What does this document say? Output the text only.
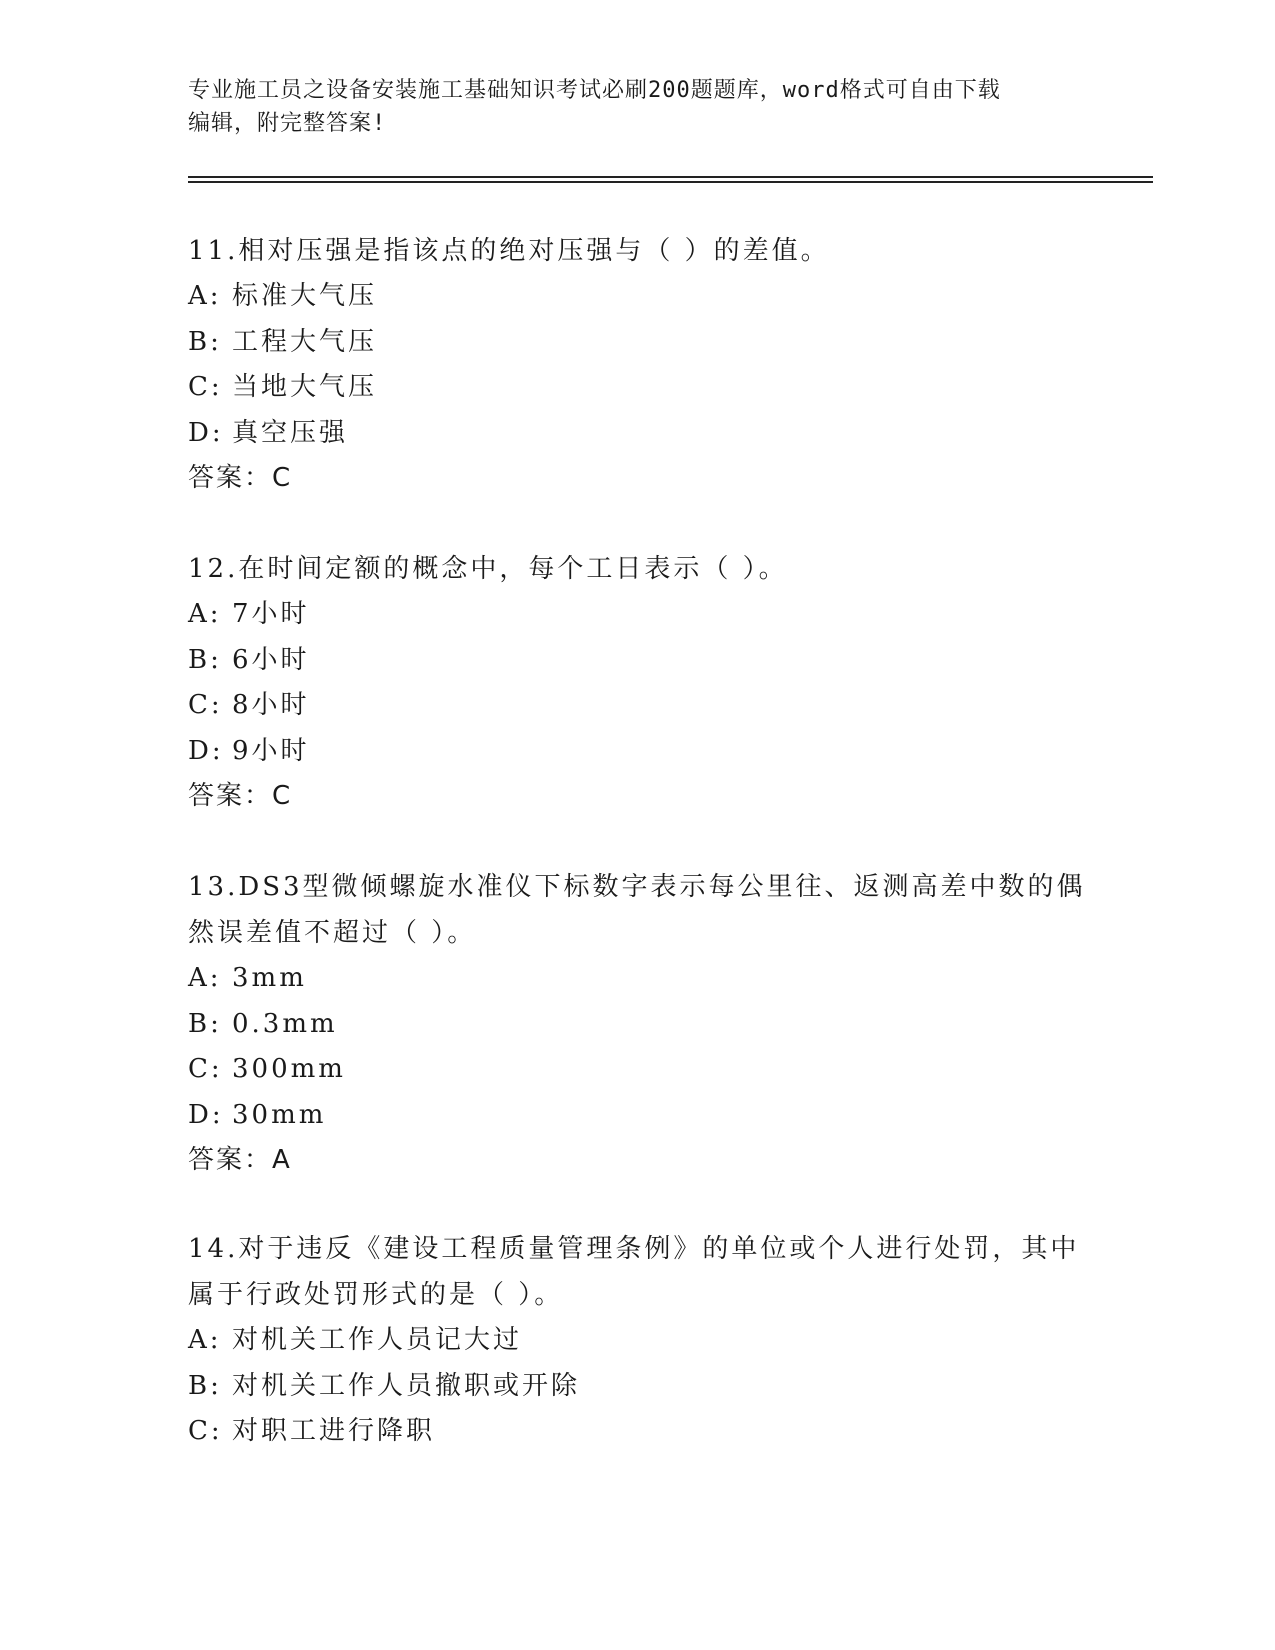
专业施工员之设备安装施工基础知识考试必刷200题题库，word格式可自由下载
编辑，附完整答案!

11.相对压强是指该点的绝对压强与（ ）的差值。

A: 标准大气压

B: 工程大气压

C: 当地大气压

D: 真空压强

答案：C

12.在时间定额的概念中，每个工日表示（ ）。

A: 7小时

B: 6小时

C: 8小时

D: 9小时

答案：C

13.DS3型微倾螺旋水准仪下标数字表示每公里往、返测高差中数的偶

然误差值不超过（ ）。

A: 3mm

B: 0.3mm

C: 300mm

D: 30mm

答案：A

14.对于违反《建设工程质量管理条例》的单位或个人进行处罚，其中

属于行政处罚形式的是（ ）。

A: 对机关工作人员记大过

B: 对机关工作人员撤职或开除

C: 对职工进行降职
